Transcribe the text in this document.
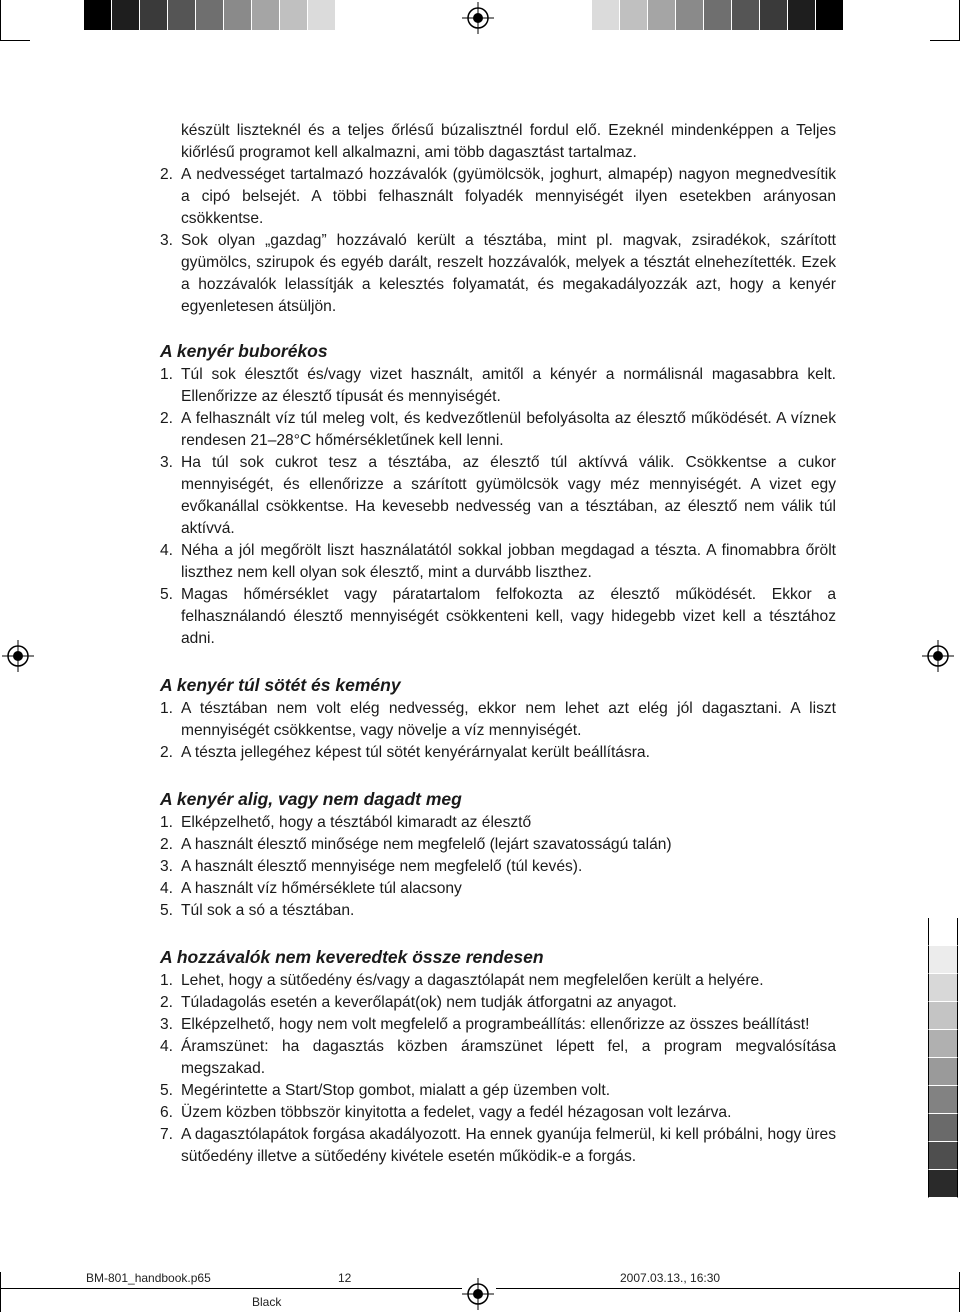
készült liszteknél és a teljes őrlésű búzalisztnél fordul elő. Ezeknél mindenképpen a Teljes kiőrlésű programot kell alkalmazni, ami több dagasztást tartalmaz.

2. A nedvességet tartalmazó hozzávalók (gyümölcsök, joghurt, almapép) nagyon megnedvesítik a cipó belsejét. A többi felhasznált folyadék mennyiségét ilyen esetekben arányosan csökkentse.

3. Sok olyan „gazdag” hozzávaló került a tésztába, mint pl. magvak, zsiradékok, szárított gyümölcs, szirupok és egyéb darált, reszelt hozzávalók, melyek a tésztát elnehezítették. Ezek a hozzávalók lelassítják a kelesztés folyamatát, és megakadályozzák azt, hogy a kenyér egyenletesen átsüljön.

A kenyér buborékos

1. Túl sok élesztőt és/vagy vizet használt, amitől a kényér a normálisnál magasabbra kelt. Ellenőrizze az élesztő típusát és mennyiségét.

2. A felhasznált víz túl meleg volt, és kedvezőtlenül befolyásolta az élesztő működését. A víznek rendesen 21–28°C hőmérsékletűnek kell lenni.

3. Ha túl sok cukrot tesz a tésztába, az élesztő túl aktívvá válik. Csökkentse a cukor mennyiségét, és ellenőrizze a szárított gyümölcsök vagy méz mennyiségét. A vizet egy evőkanállal csökkentse. Ha kevesebb nedvesség van a tésztában, az élesztő nem válik túl aktívvá.

4. Néha a jól megőrölt liszt használatától sokkal jobban megdagad a tészta. A finomabbra őrölt liszthez nem kell olyan sok élesztő, mint a durvább liszthez.

5. Magas hőmérséklet vagy páratartalom felfokozta az élesztő működését. Ekkor a felhasználandó élesztő mennyiségét csökkenteni kell, vagy hidegebb vizet kell a tésztához adni.

A kenyér túl sötét és kemény

1. A tésztában nem volt elég nedvesség, ekkor nem lehet azt elég jól dagasztani. A liszt mennyiségét csökkentse, vagy növelje a víz mennyiségét.

2. A tészta jellegéhez képest túl sötét kenyérárnyalat került beállításra.

A kenyér alig, vagy nem dagadt meg

1. Elképzelhető, hogy a tésztából kimaradt az élesztő

2. A használt élesztő minősége nem megfelelő (lejárt szavatosságú talán)

3. A használt élesztő mennyisége nem megfelelő (túl kevés).

4. A használt víz hőmérséklete túl alacsony

5. Túl sok a só a tésztában.

A hozzávalók nem keveredtek össze rendesen

1. Lehet, hogy a sütőedény és/vagy a dagasztólapát nem megfelelően került a helyére.

2. Túladagolás esetén a keverőlapát(ok) nem tudják átforgatni az anyagot.

3. Elképzelhető, hogy nem volt megfelelő a programbeállítás: ellenőrizze az összes beállítást!

4. Áramszünet: ha dagasztás közben áramszünet lépett fel, a program megvalósítása megszakad.

5. Megérintette a Start/Stop gombot, mialatt a gép üzemben volt.

6. Üzem közben többször kinyitotta a fedelet, vagy a fedél hézagosan volt lezárva.

7. A dagasztólapátok forgása akadályozott. Ha ennek gyanúja felmerül, ki kell próbálni, hogy üres sütőedény illetve a sütőedény kivétele esetén működik-e a forgás.

BM-801_handbook.p65	12	2007.03.13., 16:30
Black
